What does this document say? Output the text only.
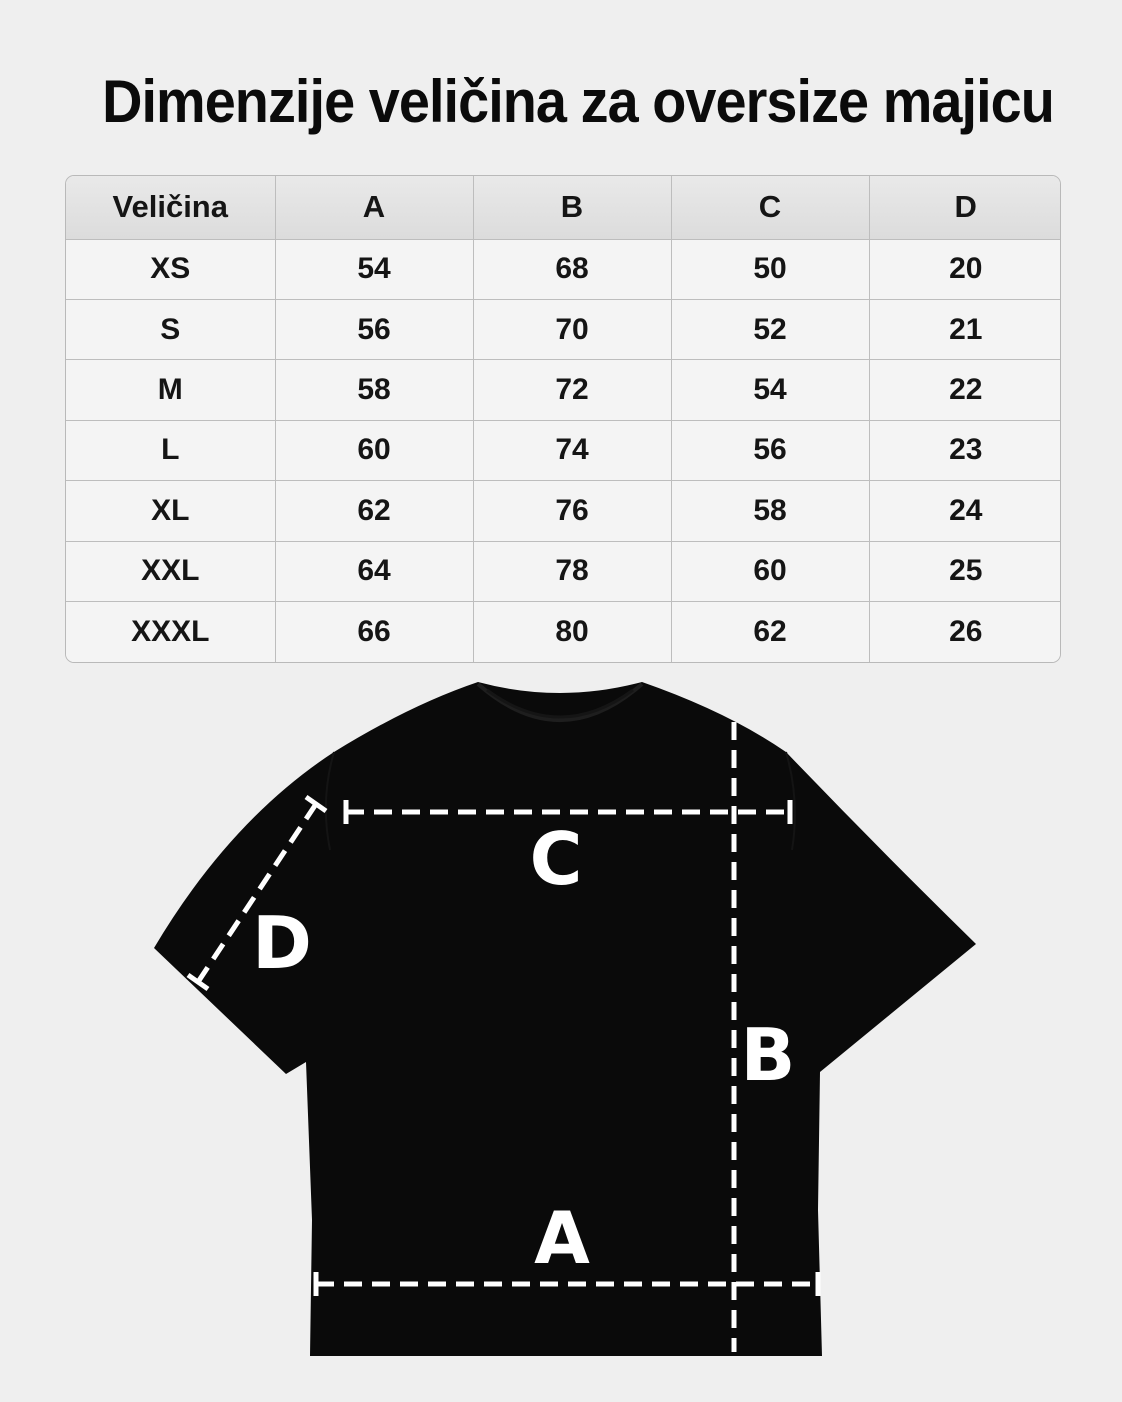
Dimenzije veličina za oversize majicu
Veličina	A	B	C	D
XS	54	68	50	20
S	56	70	52	21
M	58	72	54	22
L	60	74	56	23
XL	62	76	58	24
XXL	64	78	60	25
XXXL	66	80	62	26
C
B
A
D
